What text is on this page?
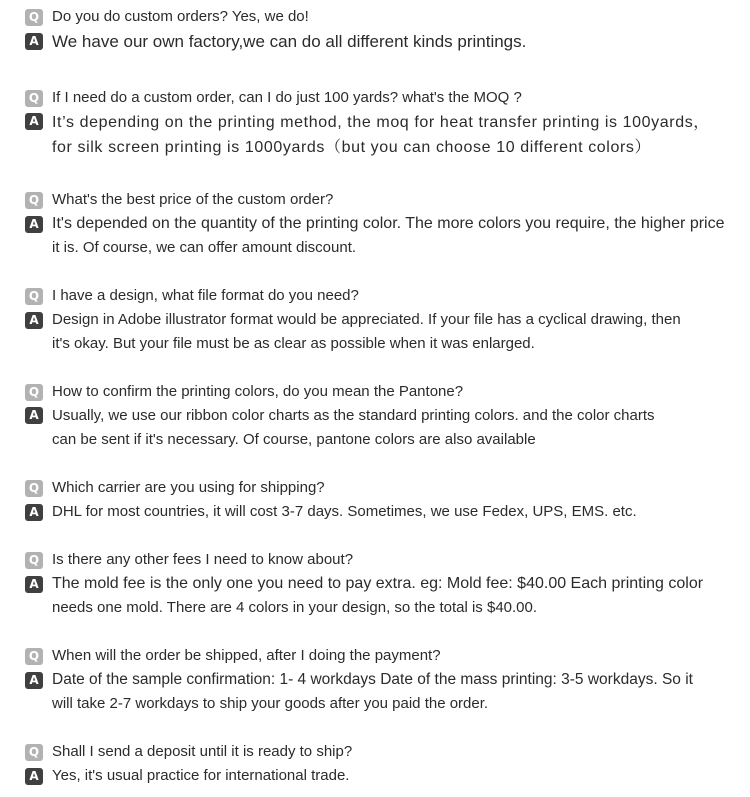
Q Do you do custom orders? Yes, we do!
A We have our own factory,we can do all different kinds printings.
Q If I need do a custom order, can I do just 100 yards? what's the MOQ ?
A It’s depending on the printing method, the moq for heat transfer printing is 100yards，
for silk screen printing is 1000yards（but you can choose 10 different colors）
Q What's the best price of the custom order?
A It's depended on the quantity of the printing color. The more colors you require, the higher price
it is. Of course, we can offer amount discount.
Q I have a design, what file format do you need?
A Design in Adobe illustrator format would be appreciated. If your file has a cyclical drawing, then
it's okay. But your file must be as clear as possible when it was enlarged.
Q How to confirm the printing colors, do you mean the Pantone?
A Usually, we use our ribbon color charts as the standard printing colors. and the color charts
can be sent if it's necessary. Of course, pantone colors are also available
Q Which carrier are you using for shipping?
A DHL for most countries, it will cost 3-7 days. Sometimes, we use Fedex, UPS, EMS. etc.
Q Is there any other fees I need to know about?
A The mold fee is the only one you need to pay extra. eg: Mold fee: $40.00 Each printing color
needs one mold. There are 4 colors in your design, so the total is $40.00.
Q When will the order be shipped, after I doing the payment?
A Date of the sample confirmation: 1- 4 workdays Date of the mass printing: 3-5 workdays. So it
will take 2-7 workdays to ship your goods after you paid the order.
Q Shall I send a deposit until it is ready to ship?
A Yes, it's usual practice for international trade.
